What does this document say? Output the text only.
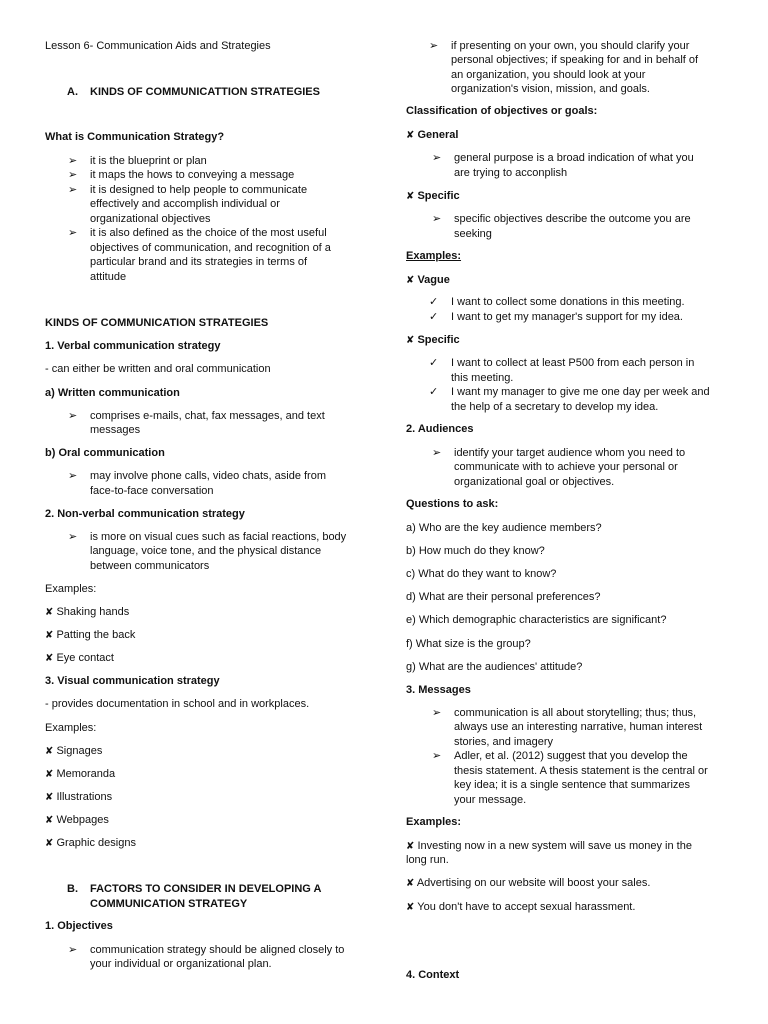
Lesson 6- Communication Aids and Strategies
A. KINDS OF COMMUNICATTION STRATEGIES
What is Communication Strategy?
➢ it is the blueprint or plan
➢ it maps the hows to conveying a message
➢ it is designed to help people to communicate
effectively and accomplish individual or
organizational objectives
➢ it is also defined as the choice of the most useful
objectives of communication, and recognition of a
particular brand and its strategies in terms of
attitude
KINDS OF COMMUNICATION STRATEGIES
1. Verbal communication strategy
- can either be written and oral communication
a) Written communication
➢ comprises e-mails, chat, fax messages, and text
messages
b) Oral communication
➢ may involve phone calls, video chats, aside from
face-to-face conversation
2. Non-verbal communication strategy
➢ is more on visual cues such as facial reactions, body
language, voice tone, and the physical distance
between communicators
Examples:
✘ Shaking hands
✘ Patting the back
✘ Eye contact
3. Visual communication strategy
- provides documentation in school and in workplaces.
Examples:
✘ Signages
✘ Memoranda
✘ Illustrations
✘ Webpages
✘ Graphic designs
B. FACTORS TO CONSIDER IN DEVELOPING A
COMMUNICATION STRATEGY
1. Objectives
➢ communication strategy should be aligned closely to
your individual or organizational plan.
➢ if presenting on your own, you should clarify your
personal objectives; if speaking for and in behalf of
an organization, you should look at your
organization's vision, mission, and goals.
Classification of objectives or goals:
✘ General
➢ general purpose is a broad indication of what you
are trying to acconplish
✘ Specific
➢ specific objectives describe the outcome you are
seeking
Examples:
✘ Vague
✓ I want to collect some donations in this meeting.
✓ I want to get my manager's support for my idea.
✘ Specific
✓ I want to collect at least P500 from each person in
this meeting.
✓ I want my manager to give me one day per week and
the help of a secretary to develop my idea.
2. Audiences
➢ identify your target audience whom you need to
communicate with to achieve your personal or
organizational goal or objectives.
Questions to ask:
a) Who are the key audience members?
b) How much do they know?
c) What do they want to know?
d) What are their personal preferences?
e) Which demographic characteristics are significant?
f) What size is the group?
g) What are the audiences' attitude?
3. Messages
➢ communication is all about storytelling; thus; thus,
always use an interesting narrative, human interest
stories, and imagery
➢ Adler, et al. (2012) suggest that you develop the
thesis statement. A thesis statement is the central or
key idea; it is a single sentence that summarizes
your message.
Examples:
✘ Investing now in a new system will save us money in the
long run.
✘ Advertising on our website will boost your sales.
✘ You don't have to accept sexual harassment.
4. Context
